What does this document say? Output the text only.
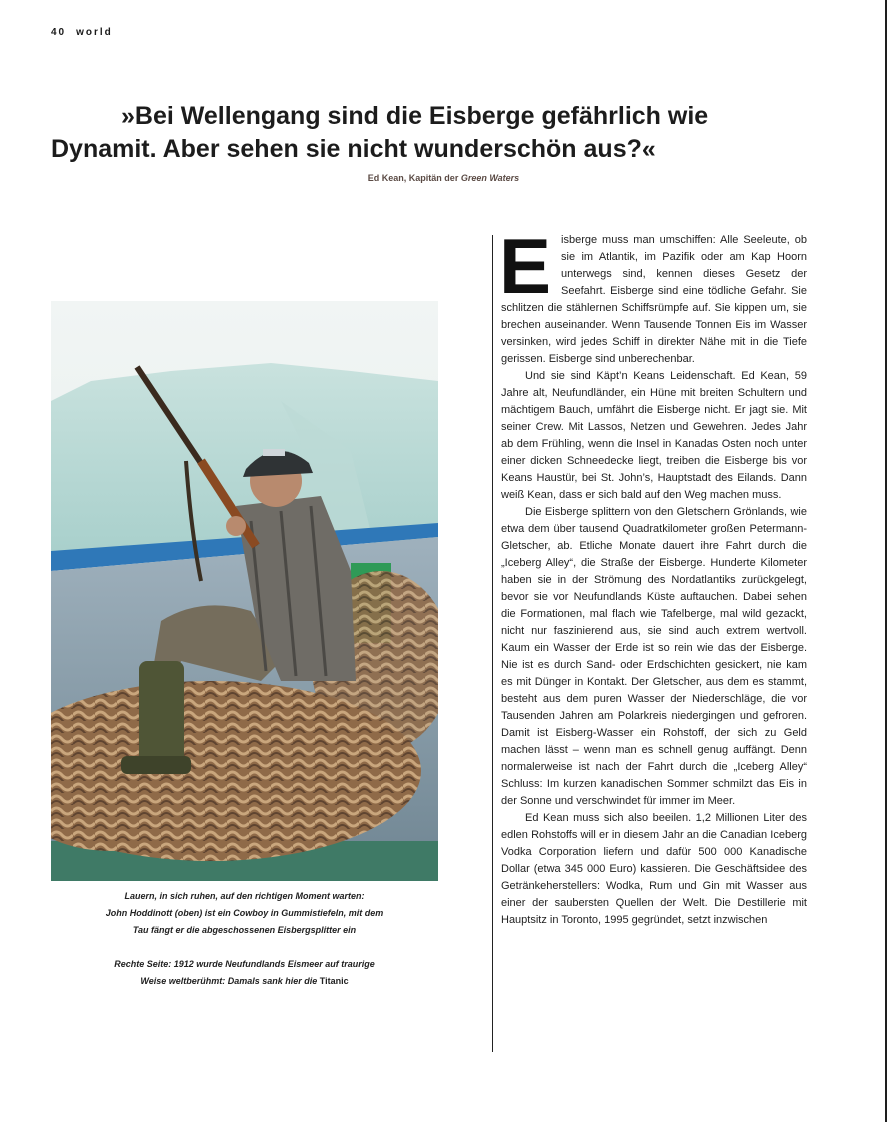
40 world
»Bei Wellengang sind die Eisberge gefährlich wie
Dynamit. Aber sehen sie nicht wunderschön aus?«
Ed Kean, Kapitän der Green Waters

Lauern, in sich ruhen, auf den richtigen Moment warten:

John Hoddinott (oben) ist ein Cowboy in Gummistiefeln, mit dem

Tau fängt er die abgeschossenen Eisbergsplitter ein

Rechte Seite: 1912 wurde Neufundlands Eismeer auf traurige

Weise weltberühmt: Damals sank hier die Titanic

Eisberge muss man umschiffen: Alle Seeleute, ob sie im Atlantik, im Pazifik oder am Kap Hoorn unterwegs sind, kennen dieses Gesetz der Seefahrt. Eisberge sind eine tödliche Gefahr. Sie schlitzen die stählernen Schiffsrümpfe auf. Sie kippen um, sie brechen auseinander. Wenn Tausende Tonnen Eis im Wasser versinken, wird jedes Schiff in direkter Nähe mit in die Tiefe gerissen. Eisberge sind unberechenbar.

Und sie sind Käpt’n Keans Leidenschaft. Ed Kean, 59 Jahre alt, Neufundländer, ein Hüne mit breiten Schultern und mächtigem Bauch, umfährt die Eisberge nicht. Er jagt sie. Mit seiner Crew. Mit Lassos, Netzen und Gewehren. Jedes Jahr ab dem Frühling, wenn die Insel in Kanadas Osten noch unter einer dicken Schneedecke liegt, treiben die Eisberge bis vor Keans Haustür, bei St. John’s, Hauptstadt des Eilands. Dann weiß Kean, dass er sich bald auf den Weg machen muss.

Die Eisberge splittern von den Gletschern Grönlands, wie etwa dem über tausend Quadratkilometer großen Petermann-Gletscher, ab. Etliche Monate dauert ihre Fahrt durch die „Iceberg Alley“, die Straße der Eisberge. Hunderte Kilometer haben sie in der Strömung des Nordatlantiks zurückgelegt, bevor sie vor Neufundlands Küste auftauchen. Dabei sehen die Formationen, mal flach wie Tafelberge, mal wild gezackt, nicht nur faszinierend aus, sie sind auch extrem wertvoll. Kaum ein Wasser der Erde ist so rein wie das der Eisberge. Nie ist es durch Sand- oder Erdschichten gesickert, nie kam es mit Dünger in Kontakt. Der Gletscher, aus dem es stammt, besteht aus dem puren Wasser der Niederschläge, die vor Tausenden Jahren am Polarkreis niedergingen und gefroren. Damit ist Eisberg-Wasser ein Rohstoff, der sich zu Geld machen lässt – wenn man es schnell genug auffängt. Denn normalerweise ist nach der Fahrt durch die „Iceberg Alley“ Schluss: Im kurzen kanadischen Sommer schmilzt das Eis in der Sonne und verschwindet für immer im Meer.

Ed Kean muss sich also beeilen. 1,2 Millionen Liter des edlen Rohstoffs will er in diesem Jahr an die Canadian Iceberg Vodka Corporation liefern und dafür 500 000 Kanadische Dollar (etwa 345 000 Euro) kassieren. Die Geschäftsidee des Getränkeherstellers: Wodka, Rum und Gin mit Wasser aus einer der saubersten Quellen der Welt. Die Destillerie mit Hauptsitz in Toronto, 1995 gegründet, setzt inzwischen
